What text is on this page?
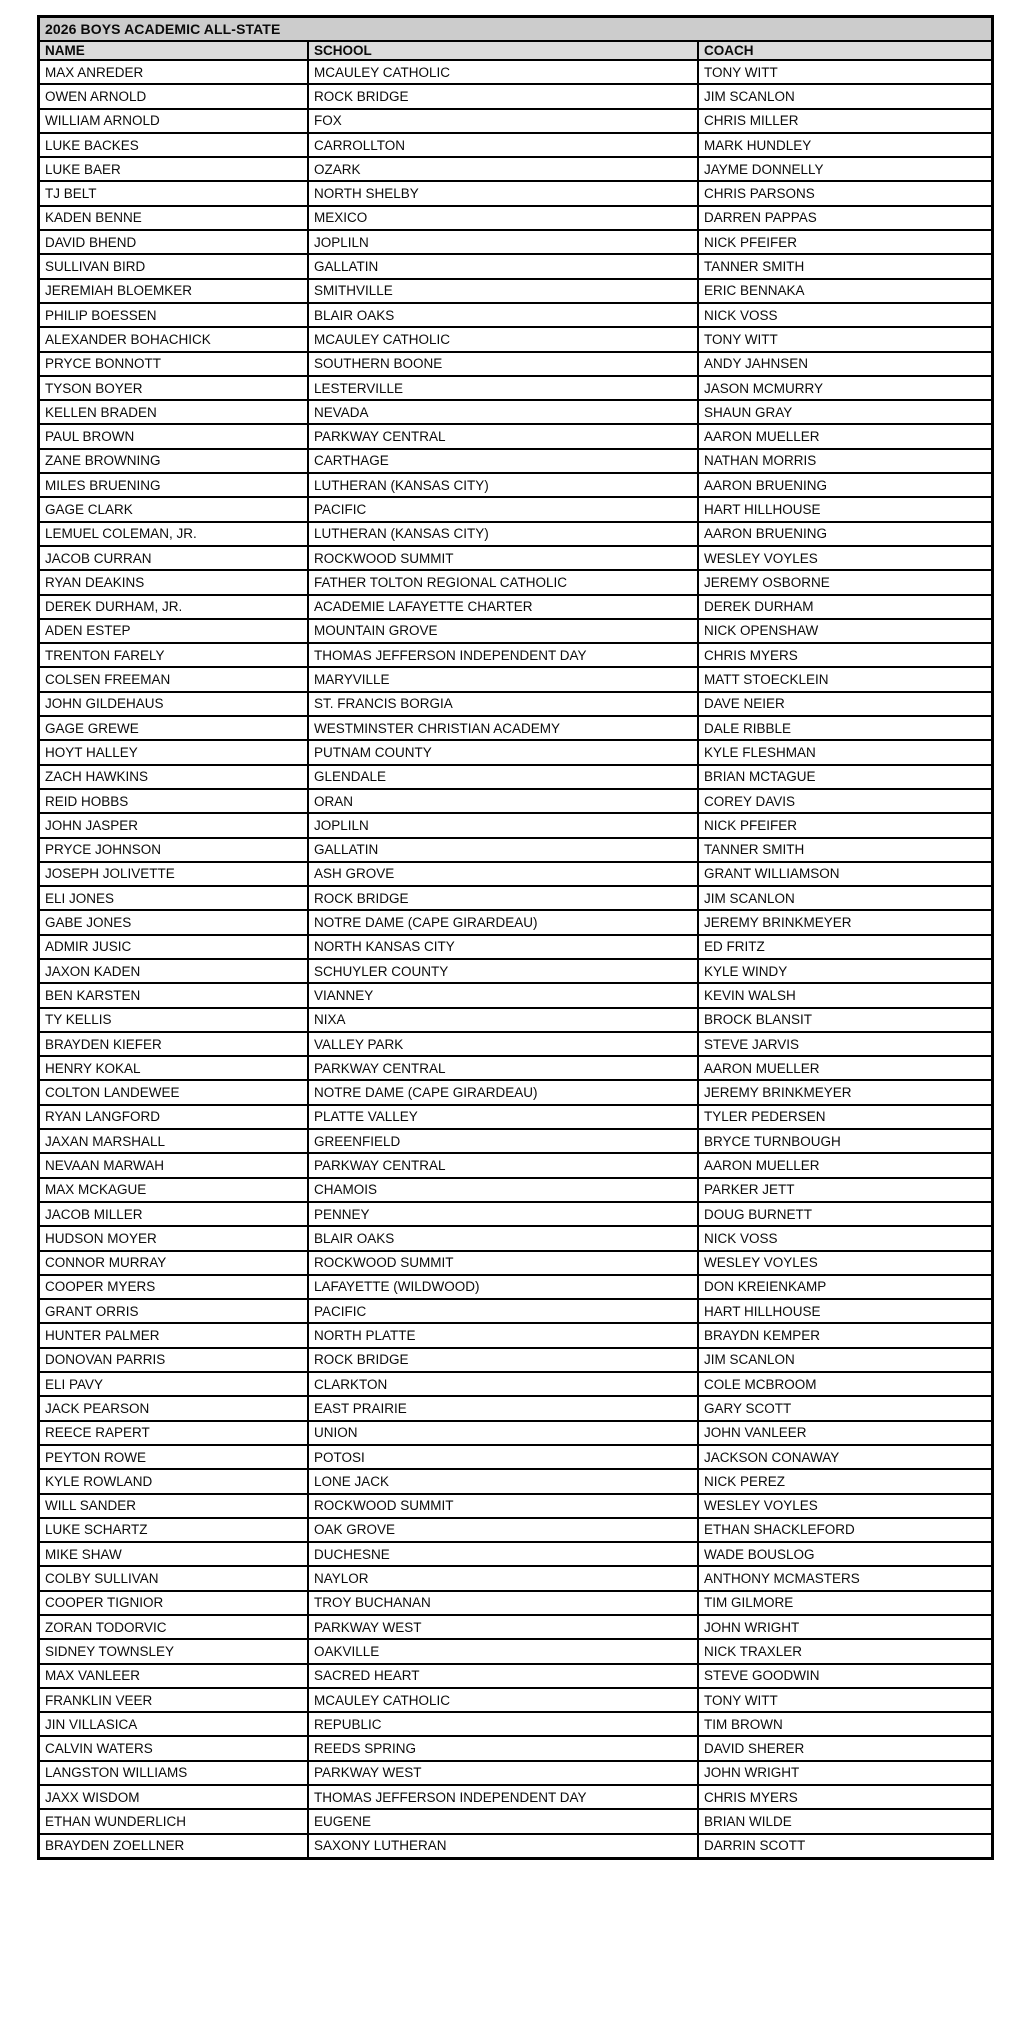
2026 BOYS ACADEMIC ALL-STATE		
NAME	SCHOOL	COACH
MAX ANREDER	MCAULEY CATHOLIC	TONY WITT
OWEN ARNOLD	ROCK BRIDGE	JIM SCANLON
WILLIAM ARNOLD	FOX	CHRIS MILLER
LUKE BACKES	CARROLLTON	MARK HUNDLEY
LUKE BAER	OZARK	JAYME DONNELLY
TJ BELT	NORTH SHELBY	CHRIS PARSONS
KADEN BENNE	MEXICO	DARREN PAPPAS
DAVID BHEND	JOPLILN	NICK PFEIFER
SULLIVAN BIRD	GALLATIN	TANNER SMITH
JEREMIAH BLOEMKER	SMITHVILLE	ERIC BENNAKA
PHILIP BOESSEN	BLAIR OAKS	NICK VOSS
ALEXANDER BOHACHICK	MCAULEY CATHOLIC	TONY WITT
PRYCE BONNOTT	SOUTHERN BOONE	ANDY JAHNSEN
TYSON BOYER	LESTERVILLE	JASON MCMURRY
KELLEN BRADEN	NEVADA	SHAUN GRAY
PAUL BROWN	PARKWAY CENTRAL	AARON MUELLER
ZANE BROWNING	CARTHAGE	NATHAN MORRIS
MILES BRUENING	LUTHERAN (KANSAS CITY)	AARON BRUENING
GAGE CLARK	PACIFIC	HART HILLHOUSE
LEMUEL COLEMAN, JR.	LUTHERAN (KANSAS CITY)	AARON BRUENING
JACOB CURRAN	ROCKWOOD SUMMIT	WESLEY VOYLES
RYAN DEAKINS	FATHER TOLTON REGIONAL CATHOLIC	JEREMY OSBORNE
DEREK DURHAM, JR.	ACADEMIE LAFAYETTE CHARTER	DEREK DURHAM
ADEN ESTEP	MOUNTAIN GROVE	NICK OPENSHAW
TRENTON FARELY	THOMAS JEFFERSON INDEPENDENT DAY	CHRIS MYERS
COLSEN FREEMAN	MARYVILLE	MATT STOECKLEIN
JOHN GILDEHAUS	ST. FRANCIS BORGIA	DAVE NEIER
GAGE GREWE	WESTMINSTER CHRISTIAN ACADEMY	DALE RIBBLE
HOYT HALLEY	PUTNAM COUNTY	KYLE FLESHMAN
ZACH HAWKINS	GLENDALE	BRIAN MCTAGUE
REID HOBBS	ORAN	COREY DAVIS
JOHN JASPER	JOPLILN	NICK PFEIFER
PRYCE JOHNSON	GALLATIN	TANNER SMITH
JOSEPH JOLIVETTE	ASH GROVE	GRANT WILLIAMSON
ELI JONES	ROCK BRIDGE	JIM SCANLON
GABE JONES	NOTRE DAME (CAPE GIRARDEAU)	JEREMY BRINKMEYER
ADMIR JUSIC	NORTH KANSAS CITY	ED FRITZ
JAXON KADEN	SCHUYLER COUNTY	KYLE WINDY
BEN KARSTEN	VIANNEY	KEVIN WALSH
TY KELLIS	NIXA	BROCK BLANSIT
BRAYDEN KIEFER	VALLEY PARK	STEVE JARVIS
HENRY KOKAL	PARKWAY CENTRAL	AARON MUELLER
COLTON LANDEWEE	NOTRE DAME (CAPE GIRARDEAU)	JEREMY BRINKMEYER
RYAN LANGFORD	PLATTE VALLEY	TYLER PEDERSEN
JAXAN MARSHALL	GREENFIELD	BRYCE TURNBOUGH
NEVAAN MARWAH	PARKWAY CENTRAL	AARON MUELLER
MAX MCKAGUE	CHAMOIS	PARKER JETT
JACOB MILLER	PENNEY	DOUG BURNETT
HUDSON MOYER	BLAIR OAKS	NICK VOSS
CONNOR MURRAY	ROCKWOOD SUMMIT	WESLEY VOYLES
COOPER MYERS	LAFAYETTE (WILDWOOD)	DON KREIENKAMP
GRANT ORRIS	PACIFIC	HART HILLHOUSE
HUNTER PALMER	NORTH PLATTE	BRAYDN KEMPER
DONOVAN PARRIS	ROCK BRIDGE	JIM SCANLON
ELI PAVY	CLARKTON	COLE MCBROOM
JACK PEARSON	EAST PRAIRIE	GARY SCOTT
REECE RAPERT	UNION	JOHN VANLEER
PEYTON ROWE	POTOSI	JACKSON CONAWAY
KYLE ROWLAND	LONE JACK	NICK PEREZ
WILL SANDER	ROCKWOOD SUMMIT	WESLEY VOYLES
LUKE SCHARTZ	OAK GROVE	ETHAN SHACKLEFORD
MIKE SHAW	DUCHESNE	WADE BOUSLOG
COLBY SULLIVAN	NAYLOR	ANTHONY MCMASTERS
COOPER TIGNIOR	TROY BUCHANAN	TIM GILMORE
ZORAN TODORVIC	PARKWAY WEST	JOHN WRIGHT
SIDNEY TOWNSLEY	OAKVILLE	NICK TRAXLER
MAX VANLEER	SACRED HEART	STEVE GOODWIN
FRANKLIN VEER	MCAULEY CATHOLIC	TONY WITT
JIN VILLASICA	REPUBLIC	TIM BROWN
CALVIN WATERS	REEDS SPRING	DAVID SHERER
LANGSTON WILLIAMS	PARKWAY WEST	JOHN WRIGHT
JAXX WISDOM	THOMAS JEFFERSON INDEPENDENT DAY	CHRIS MYERS
ETHAN WUNDERLICH	EUGENE	BRIAN WILDE
BRAYDEN ZOELLNER	SAXONY LUTHERAN	DARRIN SCOTT
